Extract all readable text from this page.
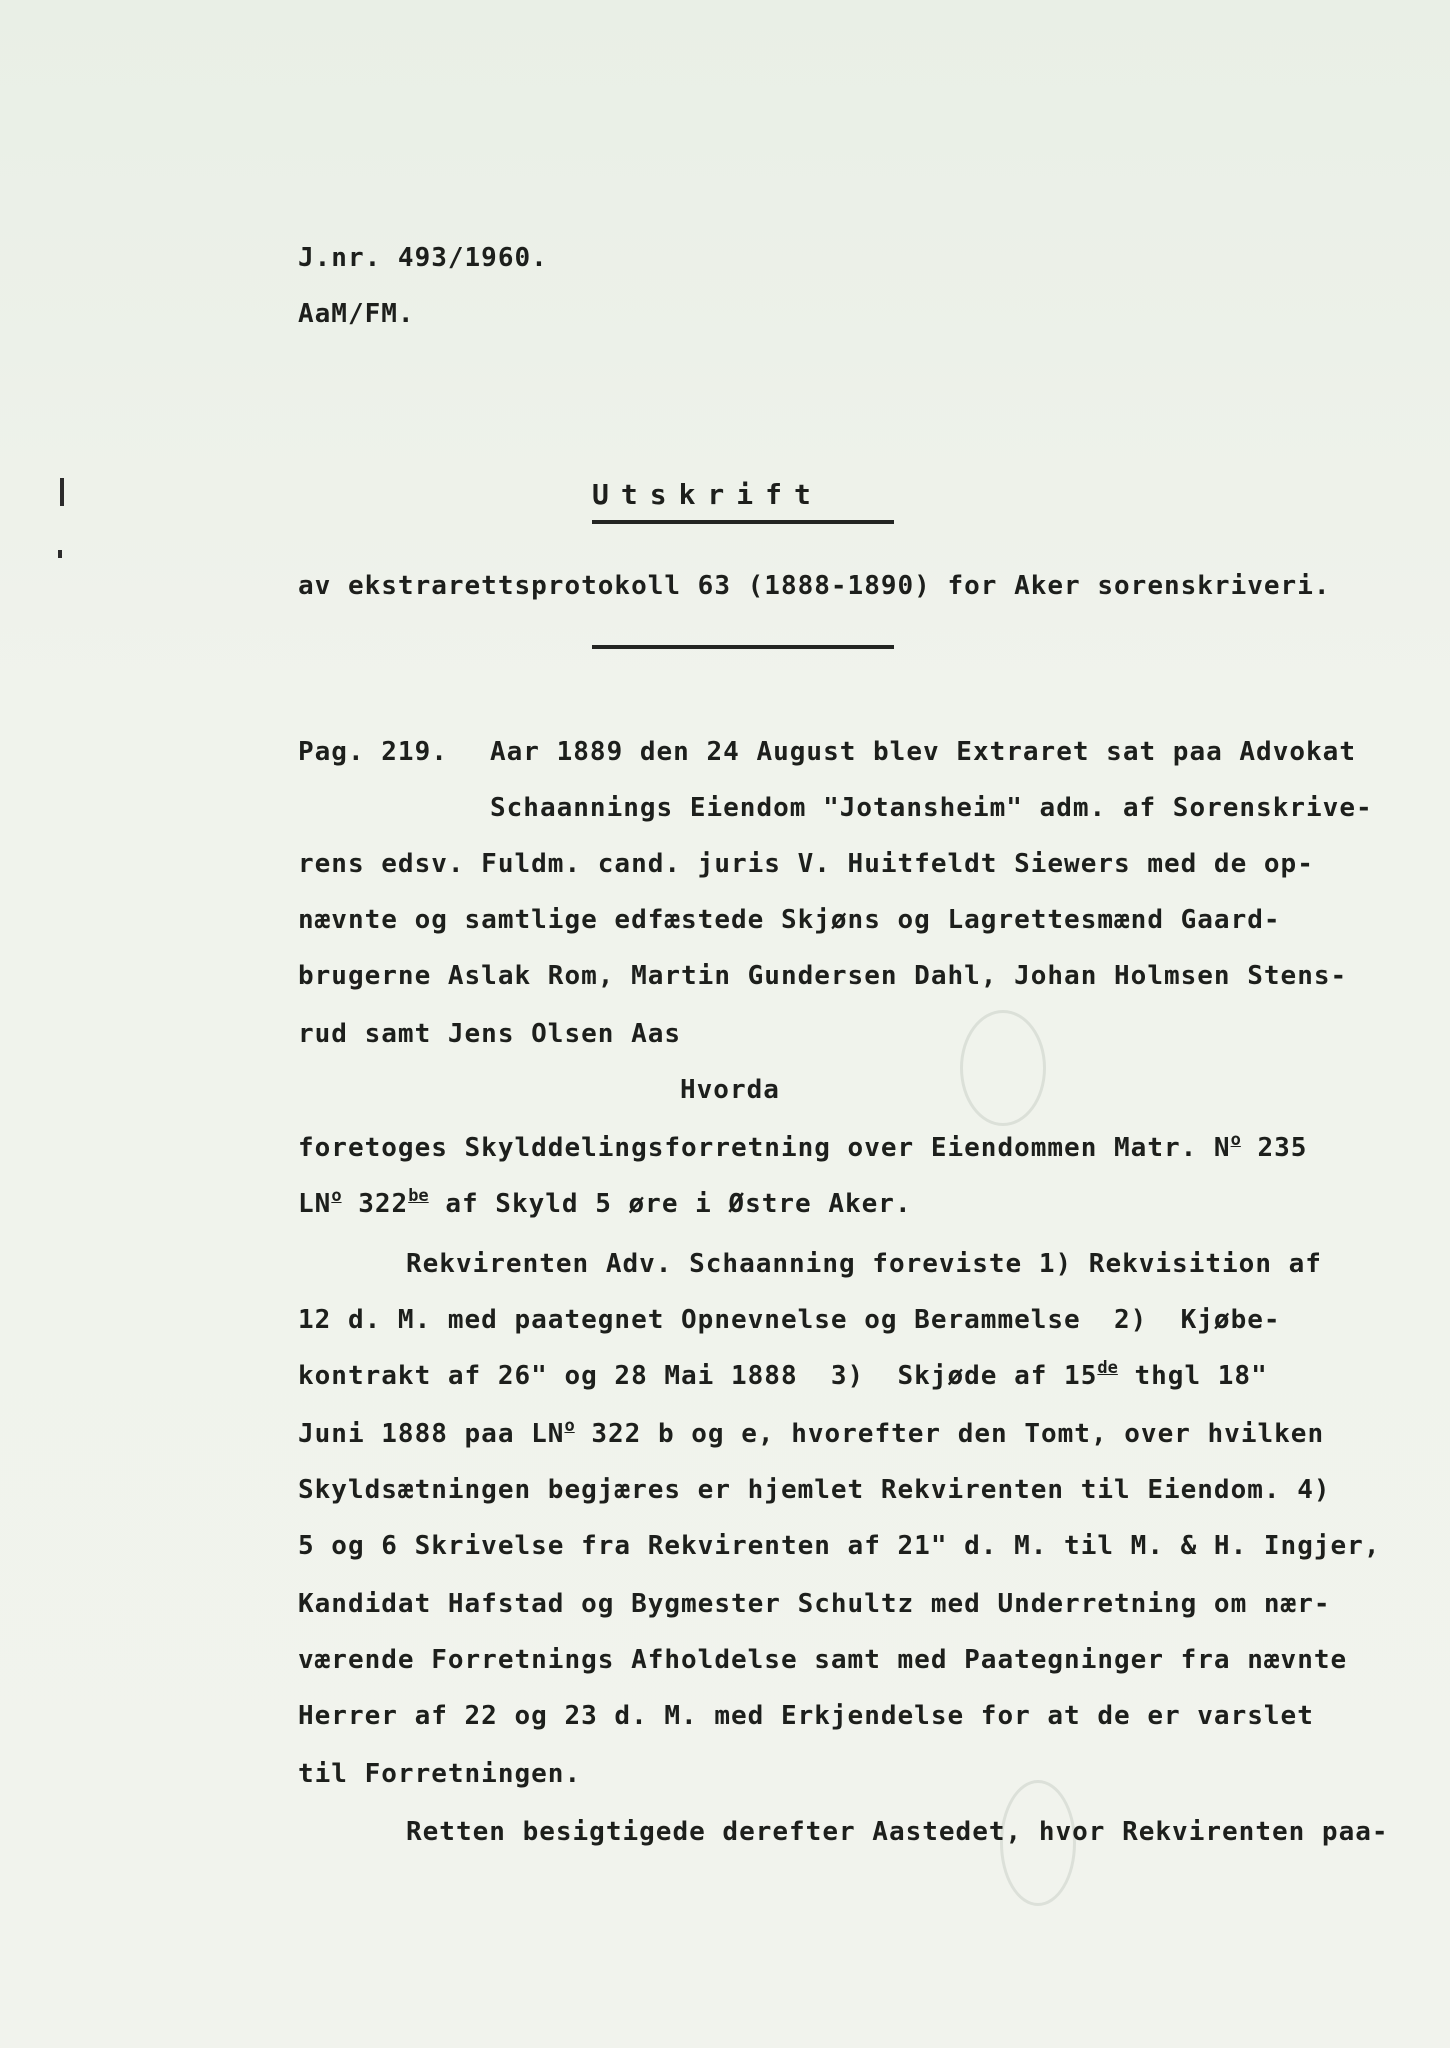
J.nr. 493/1960.
AaM/FM.
Utskrift
av ekstrarettsprotokoll 63 (1888-1890) for Aker sorenskriveri.
Pag. 219. Aar 1889 den 24 August blev Extraret sat paa Advokat
Schaannings Eiendom "Jotansheim" adm. af Sorenskrive-
rens edsv. Fuldm. cand. juris V. Huitfeldt Siewers med de op-
nævnte og samtlige edfæstede Skjøns og Lagrettesmænd Gaard-
brugerne Aslak Rom, Martin Gundersen Dahl, Johan Holmsen Stens-
rud samt Jens Olsen Aas
Hvorda
foretoges Skylddelingsforretning over Eiendommen Matr. $N^o$ 235
$LN^o$ $322^{be}$ af Skyld 5 øre i Østre Aker.
Rekvirenten Adv. Schaanning foreviste 1) Rekvisition af
12 d. M. med paategnet Opnevnelse og Berammelse  2)  Kjøbe-
kontrakt af 26" og 28 Mai 1888  3)  Skjøde af 15de thgl 18"
Juni 1888 paa $LN^o$ 322 b og e, hvorefter den Tomt, over hvilken
Skyldsætningen begjæres er hjemlet Rekvirenten til Eiendom. 4)
5 og 6 Skrivelse fra Rekvirenten af 21" d. M. til M. & H. Ingjer,
Kandidat Hafstad og Bygmester Schultz med Underretning om nær-
værende Forretnings Afholdelse samt med Paategninger fra nævnte
Herrer af 22 og 23 d. M. med Erkjendelse for at de er varslet
til Forretningen.
Retten besigtigede derefter Aastedet, hvor Rekvirenten paa-
